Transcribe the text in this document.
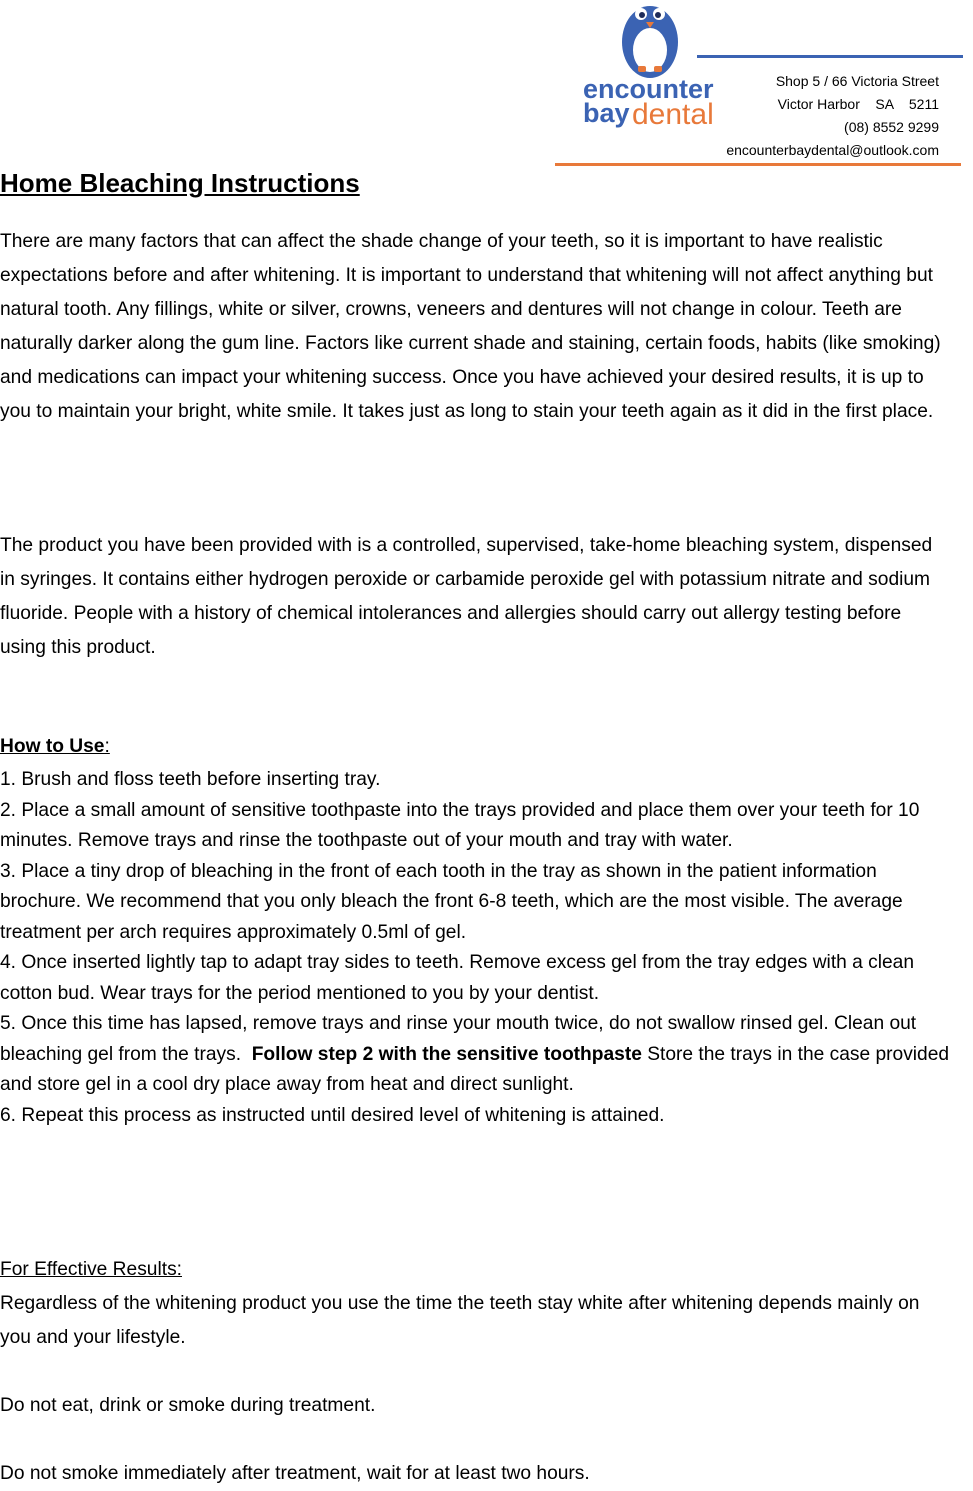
encounter
bay dental
Shop 5 / 66 Victoria Street
Victor Harbor    SA    5211
(08) 8552 9299
encounterbaydental@outlook.com
Home Bleaching Instructions
There are many factors that can affect the shade change of your teeth, so it is important to have realistic expectations before and after whitening. It is important to understand that whitening will not affect anything but natural tooth. Any fillings, white or silver, crowns, veneers and dentures will not change in colour. Teeth are naturally darker along the gum line. Factors like current shade and staining, certain foods, habits (like smoking) and medications can impact your whitening success. Once you have achieved your desired results, it is up to you to maintain your bright, white smile. It takes just as long to stain your teeth again as it did in the first place.
The product you have been provided with is a controlled, supervised, take-home bleaching system, dispensed in syringes. It contains either hydrogen peroxide or carbamide peroxide gel with potassium nitrate and sodium fluoride. People with a history of chemical intolerances and allergies should carry out allergy testing before using this product.
How to Use:

1. Brush and floss teeth before inserting tray.

2. Place a small amount of sensitive toothpaste into the trays provided and place them over your teeth for 10 minutes. Remove trays and rinse the toothpaste out of your mouth and tray with water.

3. Place a tiny drop of bleaching in the front of each tooth in the tray as shown in the patient information brochure. We recommend that you only bleach the front 6-8 teeth, which are the most visible. The average treatment per arch requires approximately 0.5ml of gel.

4. Once inserted lightly tap to adapt tray sides to teeth. Remove excess gel from the tray edges with a clean cotton bud. Wear trays for the period mentioned to you by your dentist.

5. Once this time has lapsed, remove trays and rinse your mouth twice, do not swallow rinsed gel. Clean out bleaching gel from the trays.  Follow step 2 with the sensitive toothpaste Store the trays in the case provided and store gel in a cool dry place away from heat and direct sunlight.

6. Repeat this process as instructed until desired level of whitening is attained.

For Effective Results:
Regardless of the whitening product you use the time the teeth stay white after whitening depends mainly on you and your lifestyle.
Do not eat, drink or smoke during treatment.
Do not smoke immediately after treatment, wait for at least two hours.
